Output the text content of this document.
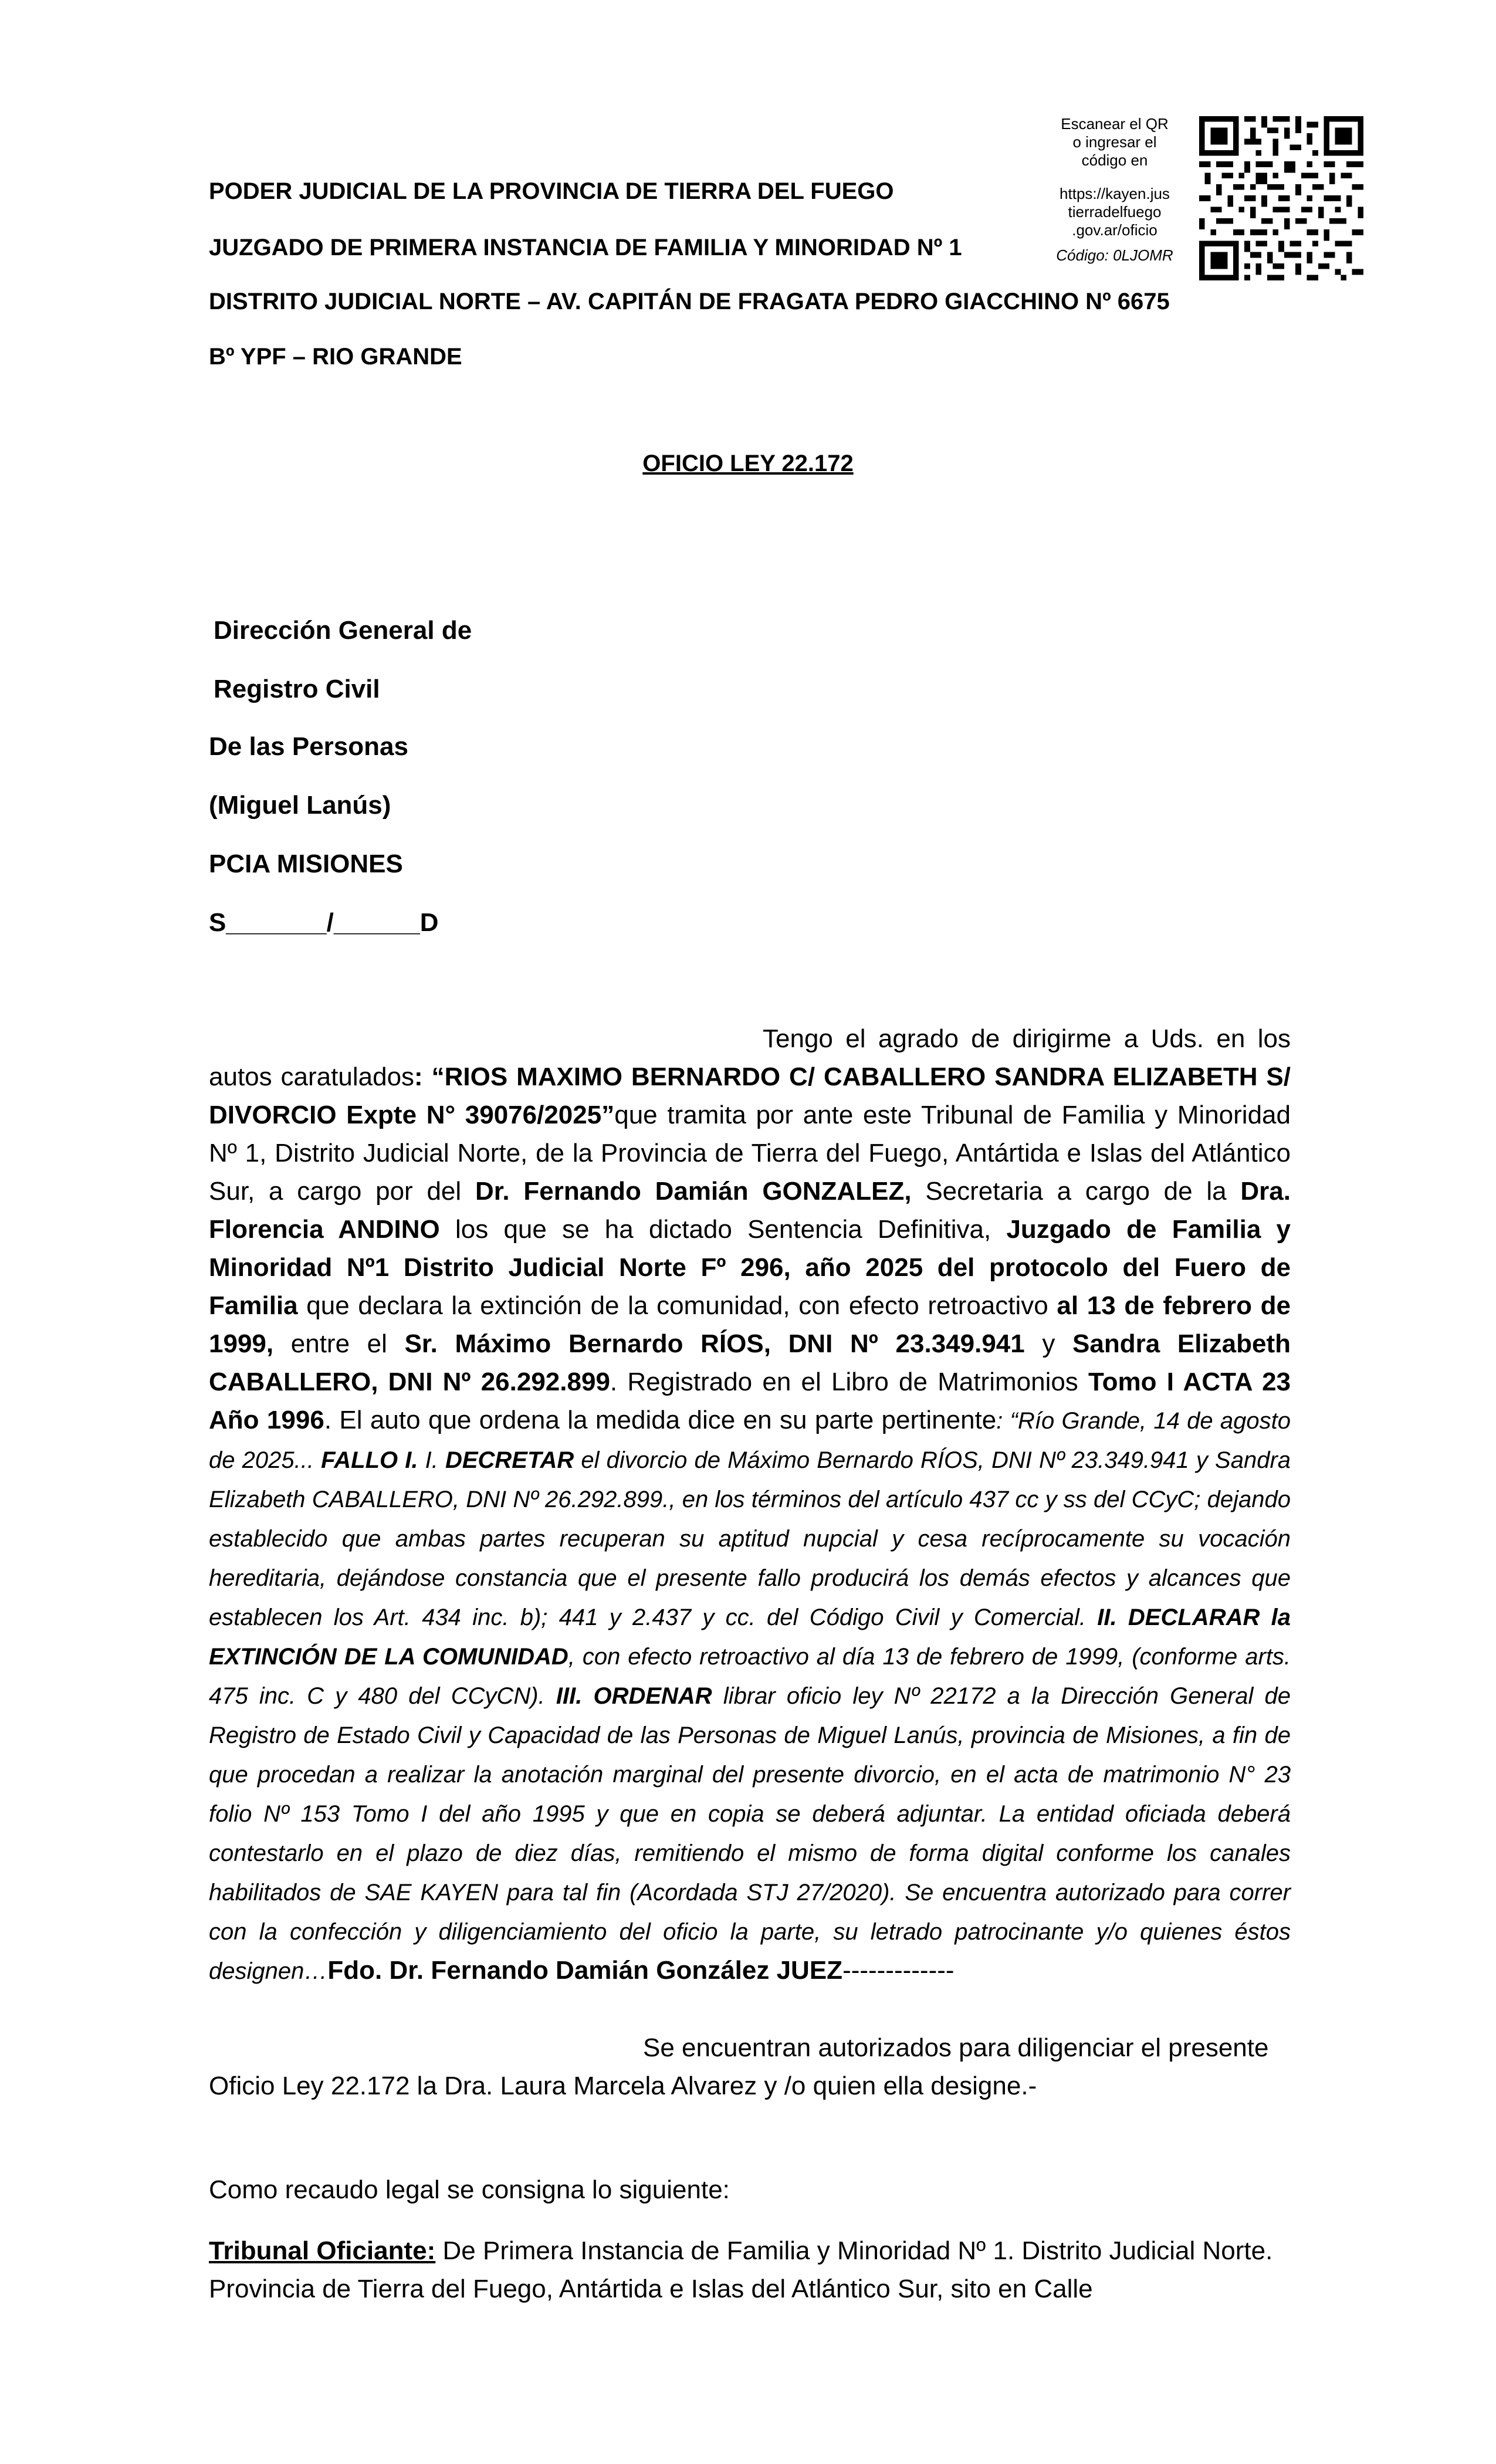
PODER JUDICIAL DE LA PROVINCIA DE TIERRA DEL FUEGO
JUZGADO DE PRIMERA INSTANCIA DE FAMILIA Y MINORIDAD Nº 1
DISTRITO JUDICIAL NORTE – AV. CAPITÁN DE FRAGATA PEDRO GIACCHINO Nº 6675
Bº YPF – RIO GRANDE
Escanear el QR
o ingresar el
código en
https://kayen.jus
tierradelfuego
.gov.ar/oficio
Código: 0LJOMR
OFICIO LEY 22.172
Dirección General de
Registro Civil
De las Personas
(Miguel Lanús)
PCIA MISIONES
S_______/______D

Tengo el agrado de dirigirme a Uds. en los autos caratulados: “RIOS MAXIMO BERNARDO C/ CABALLERO SANDRA ELIZABETH S/ DIVORCIO Expte N° 39076/2025”que tramita por ante este Tribunal de Familia y Minoridad Nº 1, Distrito Judicial Norte, de la Provincia de Tierra del Fuego, Antártida e Islas del Atlántico Sur, a cargo por del Dr. Fernando Damián GONZALEZ, Secretaria a cargo de la Dra. Florencia ANDINO los que se ha dictado Sentencia Definitiva, Juzgado de Familia y Minoridad Nº1 Distrito Judicial Norte Fº 296, año 2025 del protocolo del Fuero de Familia que declara la extinción de la comunidad, con efecto retroactivo al 13 de febrero de 1999, entre el Sr. Máximo Bernardo RÍOS, DNI Nº 23.349.941 y Sandra Elizabeth CABALLERO, DNI Nº 26.292.899. Registrado en el Libro de Matrimonios Tomo I ACTA 23 Año 1996. El auto que ordena la medida dice en su parte pertinente: “Río Grande, 14 de agosto de 2025... FALLO I. I. DECRETAR el divorcio de Máximo Bernardo RÍOS, DNI Nº 23.349.941 y Sandra Elizabeth CABALLERO, DNI Nº 26.292.899., en los términos del artículo 437 cc y ss del CCyC; dejando establecido que ambas partes recuperan su aptitud nupcial y cesa recíprocamente su vocación hereditaria, dejándose constancia que el presente fallo producirá los demás efectos y alcances que establecen los Art. 434 inc. b); 441 y 2.437 y cc. del Código Civil y Comercial. II. DECLARAR la EXTINCIÓN DE LA COMUNIDAD, con efecto retroactivo al día 13 de febrero de 1999, (conforme arts. 475 inc. C y 480 del CCyCN). III. ORDENAR librar oficio ley Nº 22172 a la Dirección General de Registro de Estado Civil y Capacidad de las Personas de Miguel Lanús, provincia de Misiones, a fin de que procedan a realizar la anotación marginal del presente divorcio, en el acta de matrimonio N° 23 folio Nº 153 Tomo I del año 1995 y que en copia se deberá adjuntar. La entidad oficiada deberá contestarlo en el plazo de diez días, remitiendo el mismo de forma digital conforme los canales habilitados de SAE KAYEN para tal fin (Acordada STJ 27/2020). Se encuentra autorizado para correr con la confección y diligenciamiento del oficio la parte, su letrado patrocinante y/o quienes éstos designen…Fdo. Dr. Fernando Damián González JUEZ-------------

Se encuentran autorizados para diligenciar el presente Oficio Ley 22.172 la Dra. Laura Marcela Alvarez y /o quien ella designe.-

Como recaudo legal se consigna lo siguiente:
Tribunal Oficiante: De Primera Instancia de Familia y Minoridad Nº 1. Distrito Judicial Norte. Provincia de Tierra del Fuego, Antártida e Islas del Atlántico Sur, sito en Calle
